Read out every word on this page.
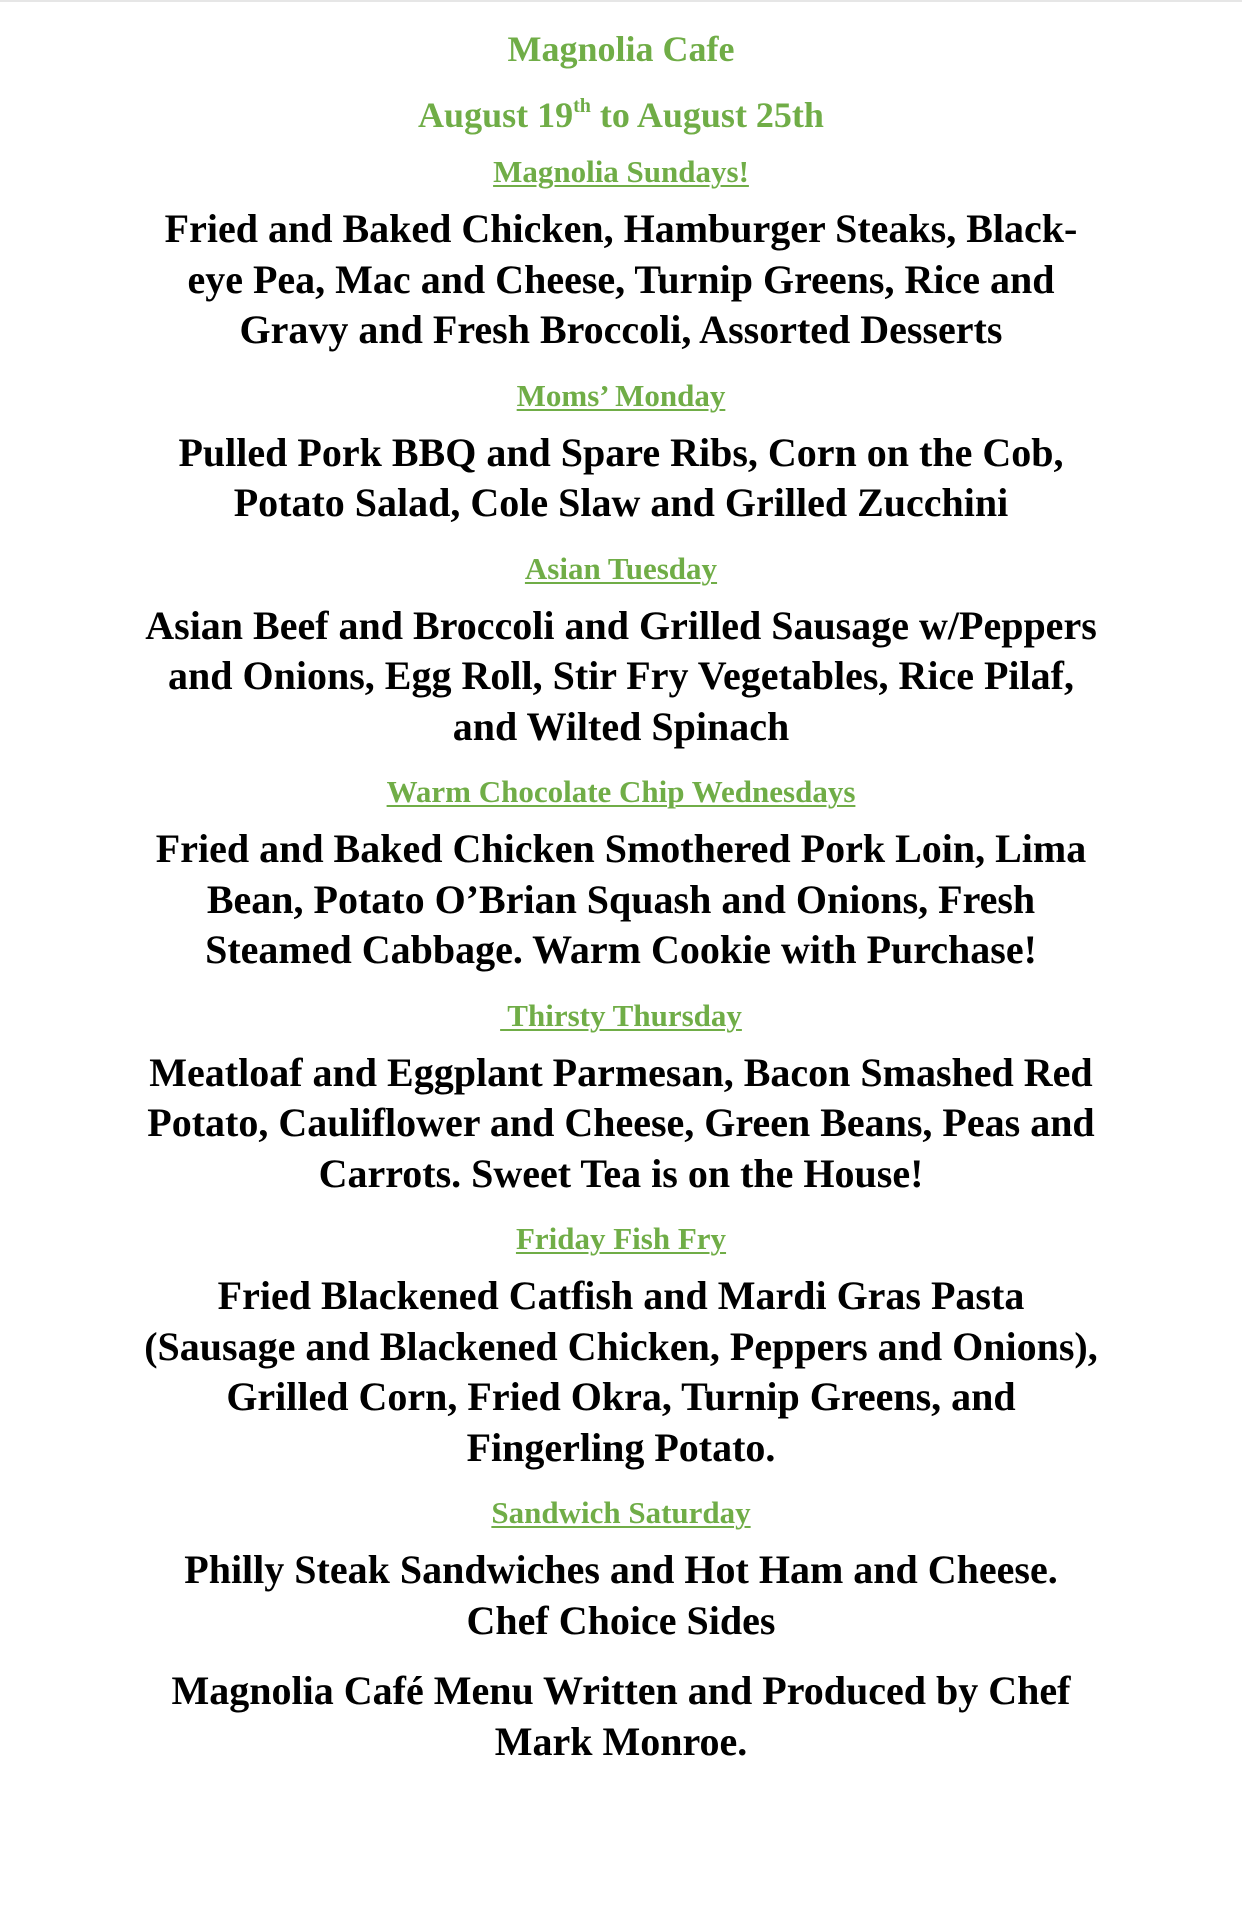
Magnolia Cafe
August 19th to August 25th
Magnolia Sundays!
Fried and Baked Chicken, Hamburger Steaks, Black-eye Pea, Mac and Cheese, Turnip Greens, Rice and Gravy and Fresh Broccoli, Assorted Desserts
Moms’ Monday
Pulled Pork BBQ and Spare Ribs, Corn on the Cob, Potato Salad, Cole Slaw and Grilled Zucchini
Asian Tuesday
Asian Beef and Broccoli and Grilled Sausage w/Peppers and Onions, Egg Roll, Stir Fry Vegetables, Rice Pilaf, and Wilted Spinach
Warm Chocolate Chip Wednesdays
Fried and Baked Chicken Smothered Pork Loin, Lima Bean, Potato O’Brian Squash and Onions, Fresh Steamed Cabbage. Warm Cookie with Purchase!
Thirsty Thursday
Meatloaf and Eggplant Parmesan, Bacon Smashed Red Potato, Cauliflower and Cheese, Green Beans, Peas and Carrots. Sweet Tea is on the House!
Friday Fish Fry
Fried Blackened Catfish and Mardi Gras Pasta (Sausage and Blackened Chicken, Peppers and Onions), Grilled Corn, Fried Okra, Turnip Greens, and Fingerling Potato.
Sandwich Saturday
Philly Steak Sandwiches and Hot Ham and Cheese. Chef Choice Sides
Magnolia Café Menu Written and Produced by Chef Mark Monroe.
